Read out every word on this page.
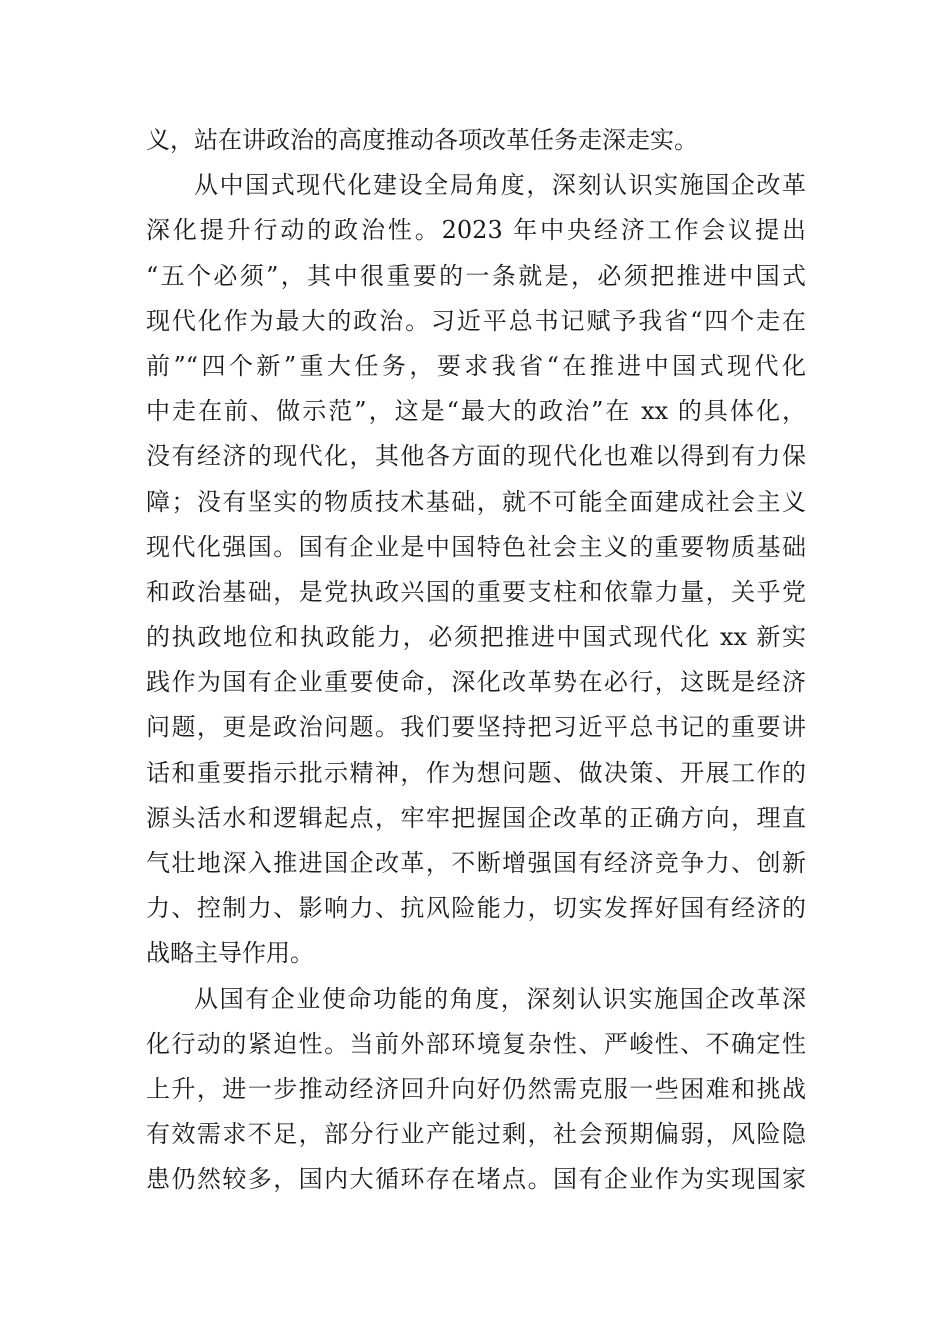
义，站在讲政治的高度推动各项改革任务走深走实。
从中国式现代化建设全局角度，深刻认识实施国企改革
深化提升行动的政治性。2023 年中央经济工作会议提出
“五个必须”，其中很重要的一条就是，必须把推进中国式
现代化作为最大的政治。习近平总书记赋予我省“四个走在
前”“四个新”重大任务，要求我省“在推进中国式现代化
中走在前、做示范”，这是“最大的政治”在 xx 的具体化，
没有经济的现代化，其他各方面的现代化也难以得到有力保
障；没有坚实的物质技术基础，就不可能全面建成社会主义
现代化强国。国有企业是中国特色社会主义的重要物质基础
和政治基础，是党执政兴国的重要支柱和依靠力量，关乎党
的执政地位和执政能力，必须把推进中国式现代化 xx 新实
践作为国有企业重要使命，深化改革势在必行，这既是经济
问题，更是政治问题。我们要坚持把习近平总书记的重要讲
话和重要指示批示精神，作为想问题、做决策、开展工作的
源头活水和逻辑起点，牢牢把握国企改革的正确方向，理直
气壮地深入推进国企改革，不断增强国有经济竞争力、创新
力、控制力、影响力、抗风险能力，切实发挥好国有经济的
战略主导作用。
从国有企业使命功能的角度，深刻认识实施国企改革深
化行动的紧迫性。当前外部环境复杂性、严峻性、不确定性
上升，进一步推动经济回升向好仍然需克服一些困难和挑战
有效需求不足，部分行业产能过剩，社会预期偏弱，风险隐
患仍然较多，国内大循环存在堵点。国有企业作为实现国家
